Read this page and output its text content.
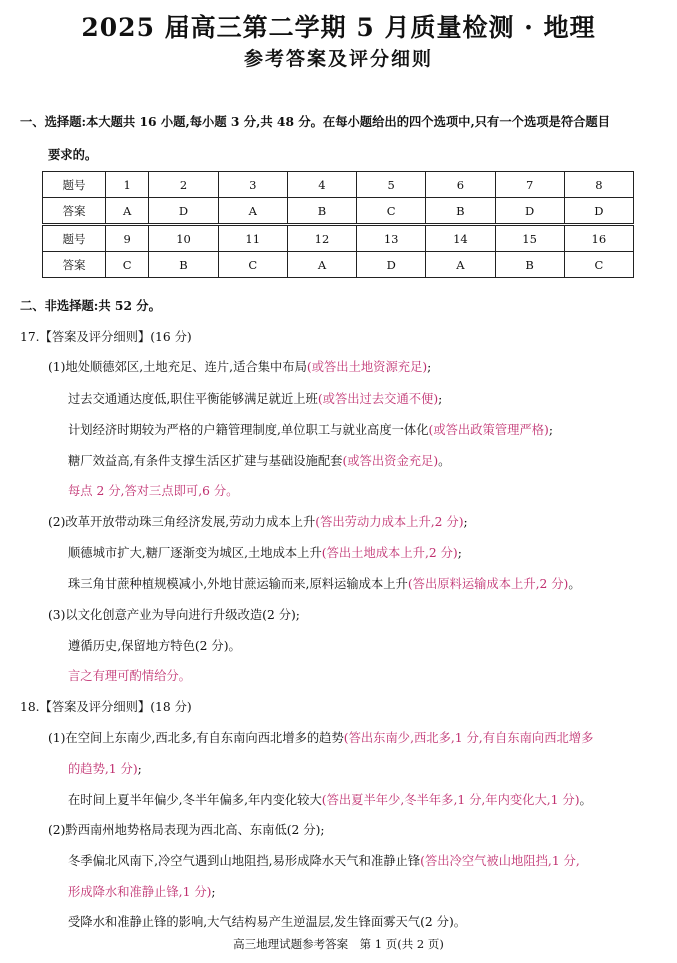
2025 届高三第二学期 5 月质量检测 · 地理
参考答案及评分细则
一、选择题:本大题共 16 小题,每小题 3 分,共 48 分。在每小题给出的四个选项中,只有一个选项是符合题目
要求的。
题号	1	2	3	4	5	6	7	8
答案	A	D	A	B	C	B	D	D
题号	9	10	11	12	13	14	15	16
答案	C	B	C	A	D	A	B	C
二、非选择题:共 52 分。
17.【答案及评分细则】(16 分)
(1)地处顺德郊区,土地充足、连片,适合集中布局(或答出土地资源充足);
过去交通通达度低,职住平衡能够满足就近上班(或答出过去交通不便);
计划经济时期较为严格的户籍管理制度,单位职工与就业高度一体化(或答出政策管理严格);
糖厂效益高,有条件支撑生活区扩建与基础设施配套(或答出资金充足)。
每点 2 分,答对三点即可,6 分。
(2)改革开放带动珠三角经济发展,劳动力成本上升(答出劳动力成本上升,2 分);
顺德城市扩大,糖厂逐渐变为城区,土地成本上升(答出土地成本上升,2 分);
珠三角甘蔗种植规模减小,外地甘蔗运输而来,原料运输成本上升(答出原料运输成本上升,2 分)。
(3)以文化创意产业为导向进行升级改造(2 分);
遵循历史,保留地方特色(2 分)。
言之有理可酌情给分。
18.【答案及评分细则】(18 分)
(1)在空间上东南少,西北多,有自东南向西北增多的趋势(答出东南少,西北多,1 分,有自东南向西北增多
的趋势,1 分);
在时间上夏半年偏少,冬半年偏多,年内变化较大(答出夏半年少,冬半年多,1 分,年内变化大,1 分)。
(2)黔西南州地势格局表现为西北高、东南低(2 分);
冬季偏北风南下,冷空气遇到山地阻挡,易形成降水天气和准静止锋(答出冷空气被山地阻挡,1 分,
形成降水和准静止锋,1 分);
受降水和准静止锋的影响,大气结构易产生逆温层,发生锋面雾天气(2 分)。
高三地理试题参考答案　第 1 页(共 2 页)
